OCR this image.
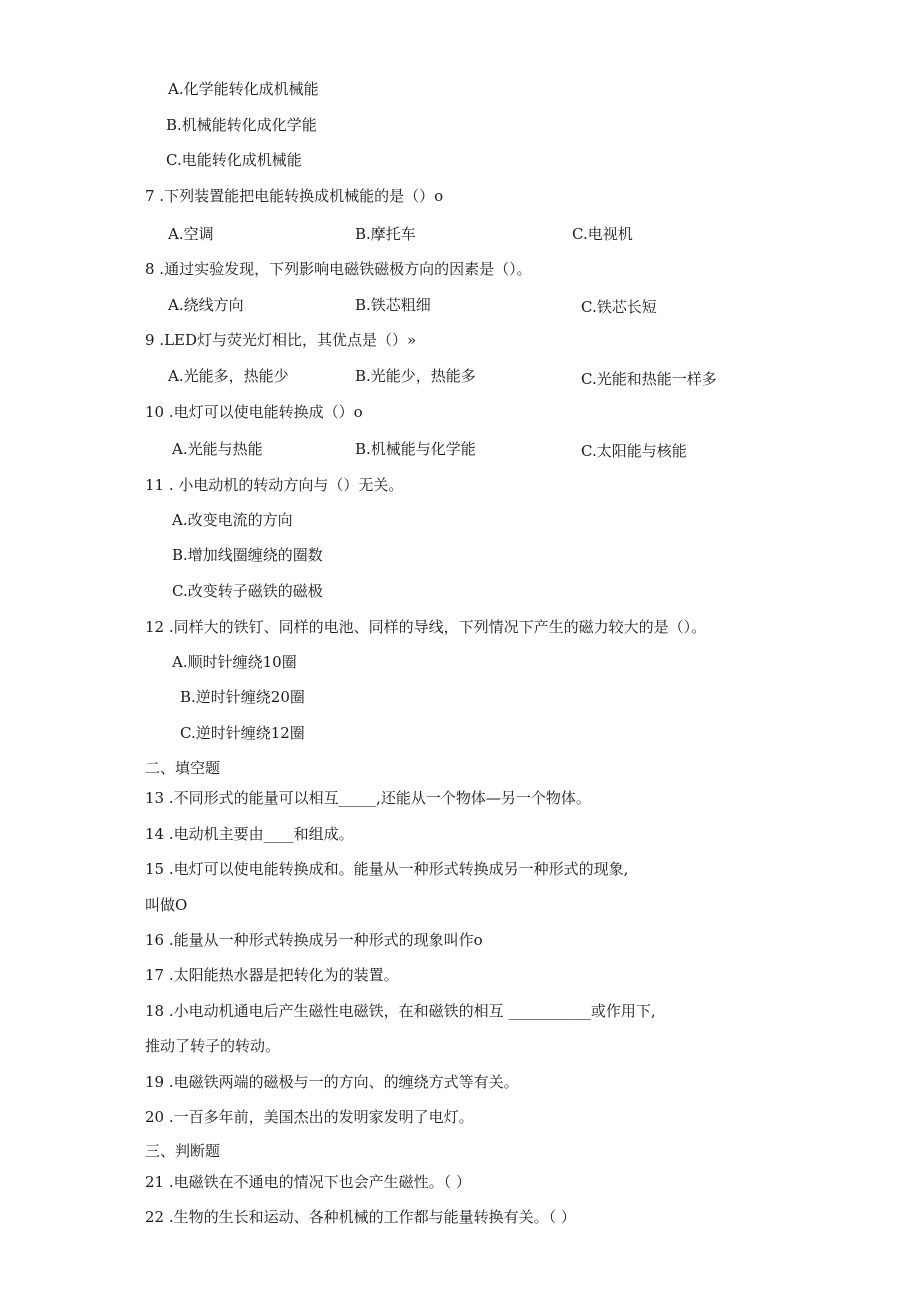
A.化学能转化成机械能
B.机械能转化成化学能
C.电能转化成机械能
7 .下列装置能把电能转换成机械能的是（）o
A.空调	B.摩托车	C.电视机
8 .通过实验发现，下列影响电磁铁磁极方向的因素是（）。
A.绕线方向	B.铁芯粗细	C.铁芯长短
9 .LED灯与荧光灯相比，其优点是（）»
A.光能多，热能少	B.光能少，热能多	C.光能和热能一样多
10 .电灯可以使电能转换成（）o
A.光能与热能	B.机械能与化学能	C.太阳能与核能
11 . 小电动机的转动方向与（）无关。
A.改变电流的方向
B.增加线圈缠绕的圈数
C.改变转子磁铁的磁极
12 .同样大的铁钉、同样的电池、同样的导线，下列情况下产生的磁力较大的是（）。
A.顺时针缠绕10圈
B.逆时针缠绕20圈
C.逆时针缠绕12圈
二、填空题
13 .不同形式的能量可以相互_____,还能从一个物体—另一个物体。
14 .电动机主要由____和组成。
15 .电灯可以使电能转换成和。能量从一种形式转换成另一种形式的现象,
叫做O
16 .能量从一种形式转换成另一种形式的现象叫作o
17 .太阳能热水器是把转化为的装置。
18 .小电动机通电后产生磁性电磁铁，在和磁铁的相互 ___________或作用下,
推动了转子的转动。
19 .电磁铁两端的磁极与一的方向、的缠绕方式等有关。
20 .一百多年前，美国杰出的发明家发明了电灯。
三、判断题
21 .电磁铁在不通电的情况下也会产生磁性。（ ）
22 .生物的生长和运动、各种机械的工作都与能量转换有关。（ ）
